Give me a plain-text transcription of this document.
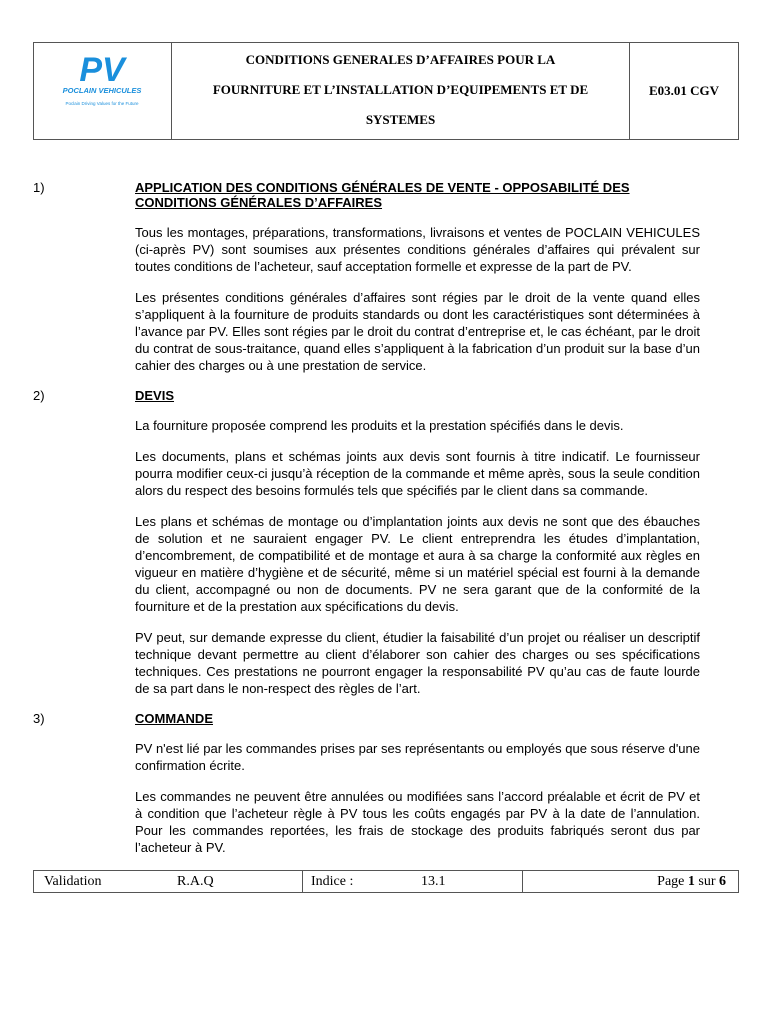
PV
POCLAIN VEHICULES
Poclain Driving Values for the Future
CONDITIONS GENERALES D’AFFAIRES POUR LA
FOURNITURE ET L’INSTALLATION D’EQUIPEMENTS ET DE
SYSTEMES
E03.01 CGV
1)	APPLICATION DES CONDITIONS GÉNÉRALES DE VENTE - OPPOSABILITÉ DES CONDITIONS GÉNÉRALES D’AFFAIRES

Tous les montages, préparations, transformations, livraisons et ventes de POCLAIN VEHICULES (ci-après PV) sont soumises aux présentes conditions générales d’affaires qui prévalent sur toutes conditions de l’acheteur, sauf acceptation formelle et expresse de la part de PV.

Les présentes conditions générales d’affaires sont régies par le droit de la vente quand elles s’appliquent à la fourniture de produits standards ou dont les caractéristiques sont déterminées à l’avance par PV. Elles sont régies par le droit du contrat d’entreprise et, le cas échéant, par le droit du contrat de sous-traitance, quand elles s’appliquent à la fabrication d’un produit sur la base d’un cahier des charges ou à une prestation de service.

2)	DEVIS

La fourniture proposée comprend les produits et la prestation spécifiés dans le devis.

Les documents, plans et schémas joints aux devis sont fournis à titre indicatif. Le fournisseur pourra modifier ceux-ci jusqu’à réception de la commande et même après, sous la seule condition alors du respect des besoins formulés tels que spécifiés par le client dans sa commande.

Les plans et schémas de montage ou d’implantation joints aux devis ne sont que des ébauches de solution et ne sauraient engager PV. Le client entreprendra les études d’implantation, d’encombrement, de compatibilité et de montage et aura à sa charge la conformité aux règles en vigueur en matière d’hygiène et de sécurité, même si un matériel spécial est fourni à la demande du client, accompagné ou non de documents. PV ne sera garant que de la conformité de la fourniture et de la prestation aux spécifications du devis.

PV peut, sur demande expresse du client, étudier la faisabilité d’un projet ou réaliser un descriptif technique devant permettre au client d’élaborer son cahier des charges ou ses spécifications techniques. Ces prestations ne pourront engager la responsabilité PV qu’au cas de faute lourde de sa part dans le non-respect des règles de l’art.

3)	COMMANDE

PV n'est lié par les commandes prises par ses représentants ou employés que sous réserve d'une confirmation écrite.

Les commandes ne peuvent être annulées ou modifiées sans l’accord préalable et écrit de PV et à condition que l’acheteur règle à PV tous les coûts engagés par PV à la date de l’annulation. Pour les commandes reportées, les frais de stockage des produits fabriqués seront dus par l’acheteur à PV.

Validation	R.A.Q	Indice :	13.1	Page 1 sur 6
